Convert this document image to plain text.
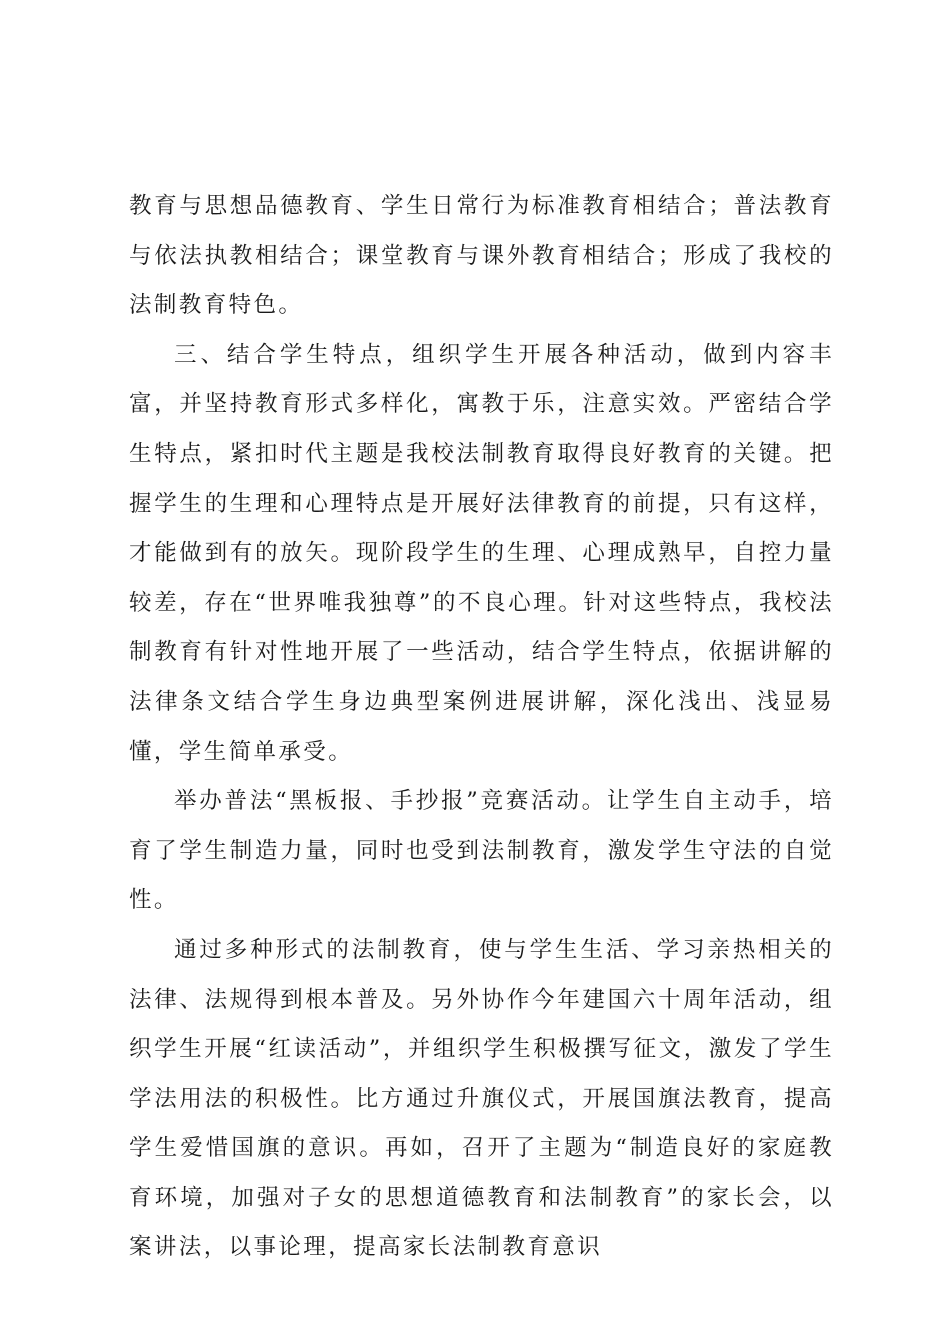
教育与思想品德教育、学生日常行为标准教育相结合；普法教育与依法执教相结合；课堂教育与课外教育相结合；形成了我校的法制教育特色。

三、结合学生特点，组织学生开展各种活动，做到内容丰富，并坚持教育形式多样化，寓教于乐，注意实效。严密结合学生特点，紧扣时代主题是我校法制教育取得良好教育的关键。把握学生的生理和心理特点是开展好法律教育的前提，只有这样，才能做到有的放矢。现阶段学生的生理、心理成熟早，自控力量较差，存在“世界唯我独尊”的不良心理。针对这些特点，我校法制教育有针对性地开展了一些活动，结合学生特点，依据讲解的法律条文结合学生身边典型案例进展讲解，深化浅出、浅显易懂，学生简单承受。

举办普法“黑板报、手抄报”竞赛活动。让学生自主动手，培育了学生制造力量，同时也受到法制教育，激发学生守法的自觉性。

通过多种形式的法制教育，使与学生生活、学习亲热相关的法律、法规得到根本普及。另外协作今年建国六十周年活动，组织学生开展“红读活动”，并组织学生积极撰写征文，激发了学生学法用法的积极性。比方通过升旗仪式，开展国旗法教育，提高学生爱惜国旗的意识。再如，召开了主题为“制造良好的家庭教育环境，加强对子女的思想道德教育和法制教育”的家长会，以案讲法，以事论理，提高家长法制教育意识
